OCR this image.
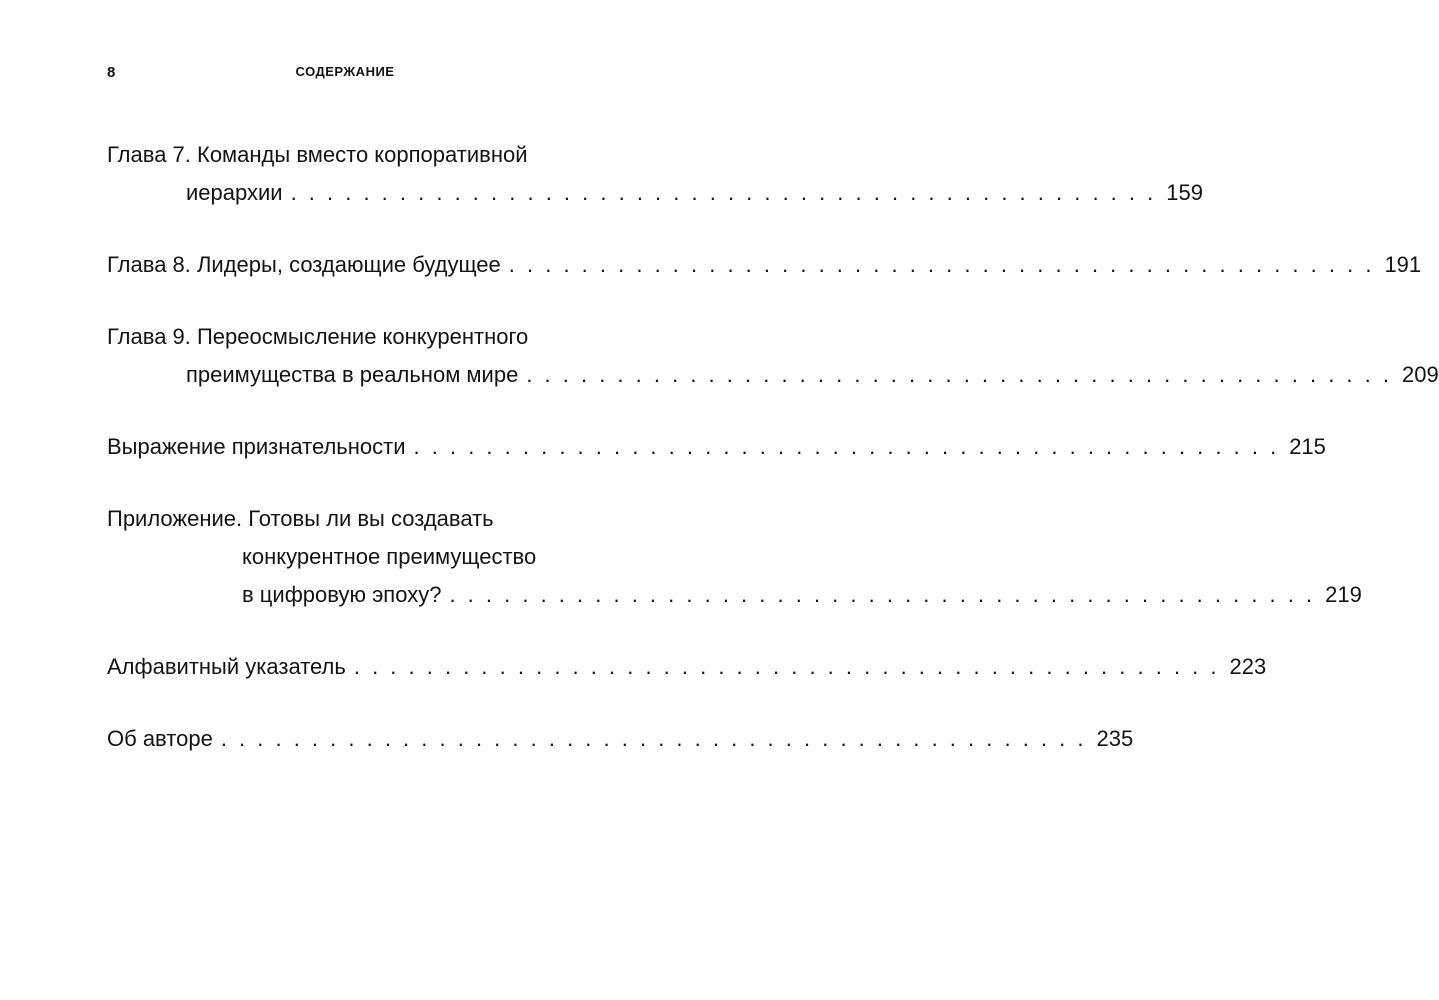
8	СОДЕРЖАНИЕ
Глава 7. Команды вместо корпоративной
иерархии . . . . . . . . . . . . . . . . . . . . . . . . . . . . . . . . . . . . . . . . . . . . . . . . 159
Глава 8. Лидеры, создающие будущее . . . . . . . . . . . . . . . . . . . . . . . . . . . . . . . . . . . . . . . . . . . . . . . . 191
Глава 9. Переосмысление конкурентного
преимущества в реальном мире . . . . . . . . . . . . . . . . . . . . . . . . . . . . . . . . . . . . . . . . . . . . . . . . 209
Выражение признательности . . . . . . . . . . . . . . . . . . . . . . . . . . . . . . . . . . . . . . . . . . . . . . . . 215
Приложение. Готовы ли вы создавать
конкурентное преимущество
в цифровую эпоху? . . . . . . . . . . . . . . . . . . . . . . . . . . . . . . . . . . . . . . . . . . . . . . . . 219
Алфавитный указатель . . . . . . . . . . . . . . . . . . . . . . . . . . . . . . . . . . . . . . . . . . . . . . . . 223
Об авторе . . . . . . . . . . . . . . . . . . . . . . . . . . . . . . . . . . . . . . . . . . . . . . . . 235
